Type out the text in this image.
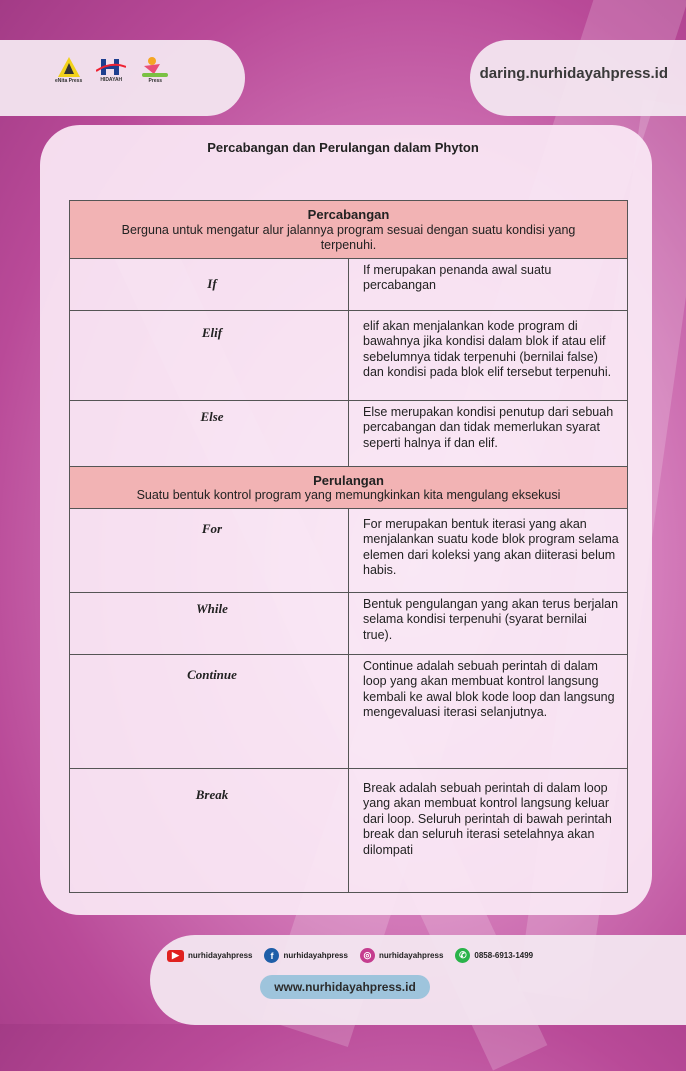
eNita Press	HIDAYAH	Press	daring.nurhidayahpress.id
Percabangan dan Perulangan dalam Phyton
Percabangan
Berguna untuk mengatur alur jalannya program sesuai dengan suatu kondisi yang terpenuhi.	

If	If merupakan penanda awal suatu percabangan
Elif	elif akan menjalankan kode program di bawahnya jika kondisi dalam blok if atau elif sebelumnya tidak terpenuhi (bernilai false) dan kondisi pada blok elif tersebut terpenuhi.
Else	Else merupakan kondisi penutup dari sebuah percabangan dan tidak memerlukan syarat seperti halnya if dan elif.

Perulangan
Suatu bentuk kontrol program yang memungkinkan kita mengulang eksekusi	

For	For merupakan bentuk iterasi yang akan menjalankan suatu kode blok program selama elemen dari koleksi yang akan diiterasi belum habis.
While	Bentuk pengulangan yang akan terus berjalan selama kondisi terpenuhi (syarat bernilai true).
Continue	Continue adalah sebuah perintah di dalam loop yang akan membuat kontrol langsung kembali ke awal blok kode loop dan langsung mengevaluasi iterasi selanjutnya.
Break	Break adalah sebuah perintah di dalam loop yang akan membuat kontrol langsung keluar dari loop. Seluruh perintah di bawah perintah break dan seluruh iterasi setelahnya akan dilompati
▶	nurhidayahpress	f	nurhidayahpress	◎ nurhidayahpress	✆ 0858-6913-1499
www.nurhidayahpress.id
